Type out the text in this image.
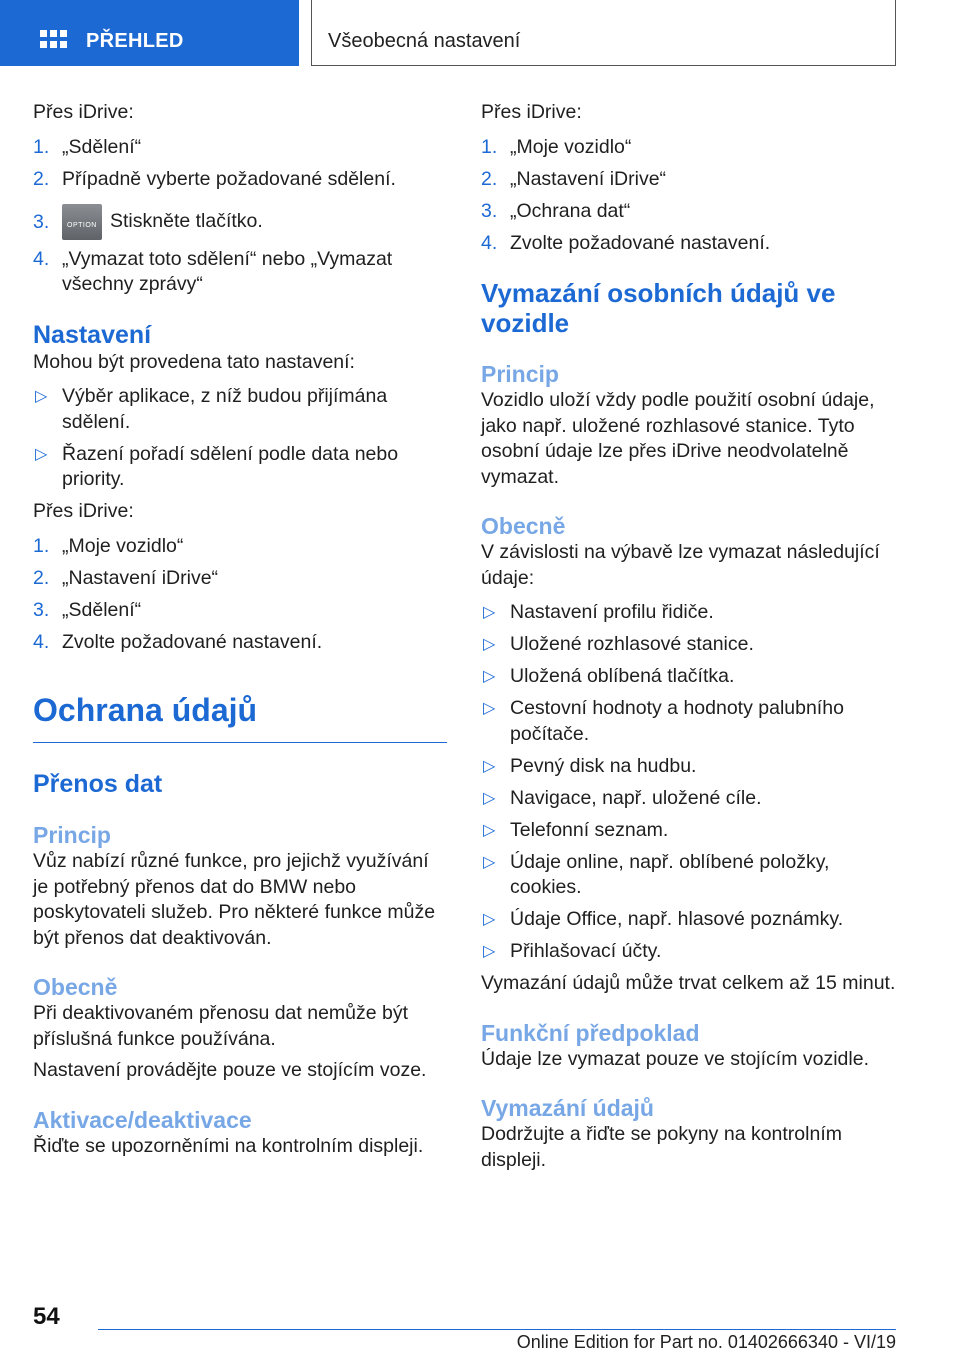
PŘEHLED	Všeobecná nastavení

Přes iDrive:

1. „Sdělení“
2. Případně vyberte požadované sdělení.
3.	OPTION Stiskněte tlačítko.
4. „Vymazat toto sdělení“ nebo „Vymazat všechny zprávy“
Nastavení

Mohou být provedena tato nastavení:

▷ Výběr aplikace, z níž budou přijímána sdělení.
▷ Řazení pořadí sdělení podle data nebo priority.

Přes iDrive:

1. „Moje vozidlo“
2. „Nastavení iDrive“
3. „Sdělení“
4. Zvolte požadované nastavení.
Ochrana údajů
Přenos dat
Princip

Vůz nabízí různé funkce, pro jejichž využívání je potřebný přenos dat do BMW nebo poskytovateli služeb. Pro některé funkce může být přenos dat deaktivován.

Obecně

Při deaktivovaném přenosu dat nemůže být příslušná funkce používána.

Nastavení provádějte pouze ve stojícím voze.

Aktivace/deaktivace

Řiďte se upozorněními na kontrolním displeji.

Přes iDrive:

1. „Moje vozidlo“
2. „Nastavení iDrive“
3. „Ochrana dat“
4. Zvolte požadované nastavení.
Vymazání osobních údajů ve vozidle
Princip

Vozidlo uloží vždy podle použití osobní údaje, jako např. uložené rozhlasové stanice. Tyto osobní údaje lze přes iDrive neodvolatelně vymazat.

Obecně

V závislosti na výbavě lze vymazat následující údaje:

▷ Nastavení profilu řidiče.
▷ Uložené rozhlasové stanice.
▷ Uložená oblíbená tlačítka.
▷ Cestovní hodnoty a hodnoty palubního počítače.
▷ Pevný disk na hudbu.
▷ Navigace, např. uložené cíle.
▷ Telefonní seznam.
▷ Údaje online, např. oblíbené položky, cookies.
▷ Údaje Office, např. hlasové poznámky.
▷ Přihlašovací účty.

Vymazání údajů může trvat celkem až 15 minut.

Funkční předpoklad

Údaje lze vymazat pouze ve stojícím vozidle.

Vymazání údajů

Dodržujte a řiďte se pokyny na kontrolním displeji.

54
Online Edition for Part no. 01402666340 - VI/19
